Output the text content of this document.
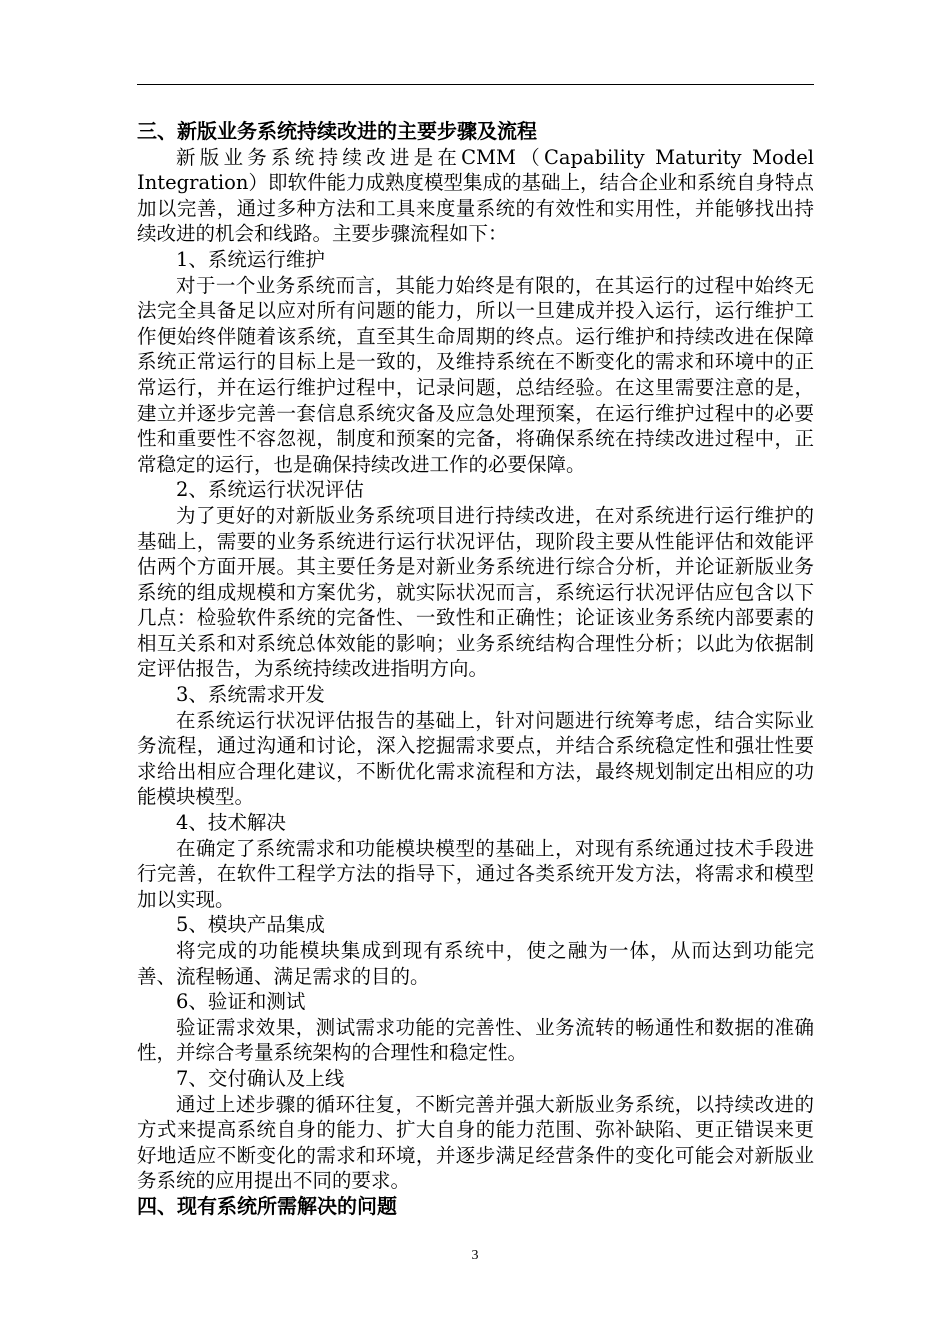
三、新版业务系统持续改进的主要步骤及流程

新版业务系统持续改进是在CMM（Capability Maturity Model Integration）即软件能力成熟度模型集成的基础上，结合企业和系统自身特点加以完善，通过多种方法和工具来度量系统的有效性和实用性，并能够找出持续改进的机会和线路。主要步骤流程如下：

1、系统运行维护

对于一个业务系统而言，其能力始终是有限的，在其运行的过程中始终无法完全具备足以应对所有问题的能力，所以一旦建成并投入运行，运行维护工作便始终伴随着该系统，直至其生命周期的终点。运行维护和持续改进在保障系统正常运行的目标上是一致的，及维持系统在不断变化的需求和环境中的正常运行，并在运行维护过程中，记录问题，总结经验。在这里需要注意的是，建立并逐步完善一套信息系统灾备及应急处理预案，在运行维护过程中的必要性和重要性不容忽视，制度和预案的完备，将确保系统在持续改进过程中，正常稳定的运行，也是确保持续改进工作的必要保障。

2、系统运行状况评估

为了更好的对新版业务系统项目进行持续改进，在对系统进行运行维护的基础上，需要的业务系统进行运行状况评估，现阶段主要从性能评估和效能评估两个方面开展。其主要任务是对新业务系统进行综合分析，并论证新版业务系统的组成规模和方案优劣，就实际状况而言，系统运行状况评估应包含以下几点：检验软件系统的完备性、一致性和正确性；论证该业务系统内部要素的相互关系和对系统总体效能的影响；业务系统结构合理性分析；以此为依据制定评估报告，为系统持续改进指明方向。

3、系统需求开发

在系统运行状况评估报告的基础上，针对问题进行统筹考虑，结合实际业务流程，通过沟通和讨论，深入挖掘需求要点，并结合系统稳定性和强壮性要求给出相应合理化建议，不断优化需求流程和方法，最终规划制定出相应的功能模块模型。

4、技术解决

在确定了系统需求和功能模块模型的基础上，对现有系统通过技术手段进行完善，在软件工程学方法的指导下，通过各类系统开发方法，将需求和模型加以实现。

5、模块产品集成

将完成的功能模块集成到现有系统中，使之融为一体，从而达到功能完善、流程畅通、满足需求的目的。

6、验证和测试

验证需求效果，测试需求功能的完善性、业务流转的畅通性和数据的准确性，并综合考量系统架构的合理性和稳定性。

7、交付确认及上线

通过上述步骤的循环往复，不断完善并强大新版业务系统，以持续改进的方式来提高系统自身的能力、扩大自身的能力范围、弥补缺陷、更正错误来更好地适应不断变化的需求和环境，并逐步满足经营条件的变化可能会对新版业务系统的应用提出不同的要求。

四、现有系统所需解决的问题

3
